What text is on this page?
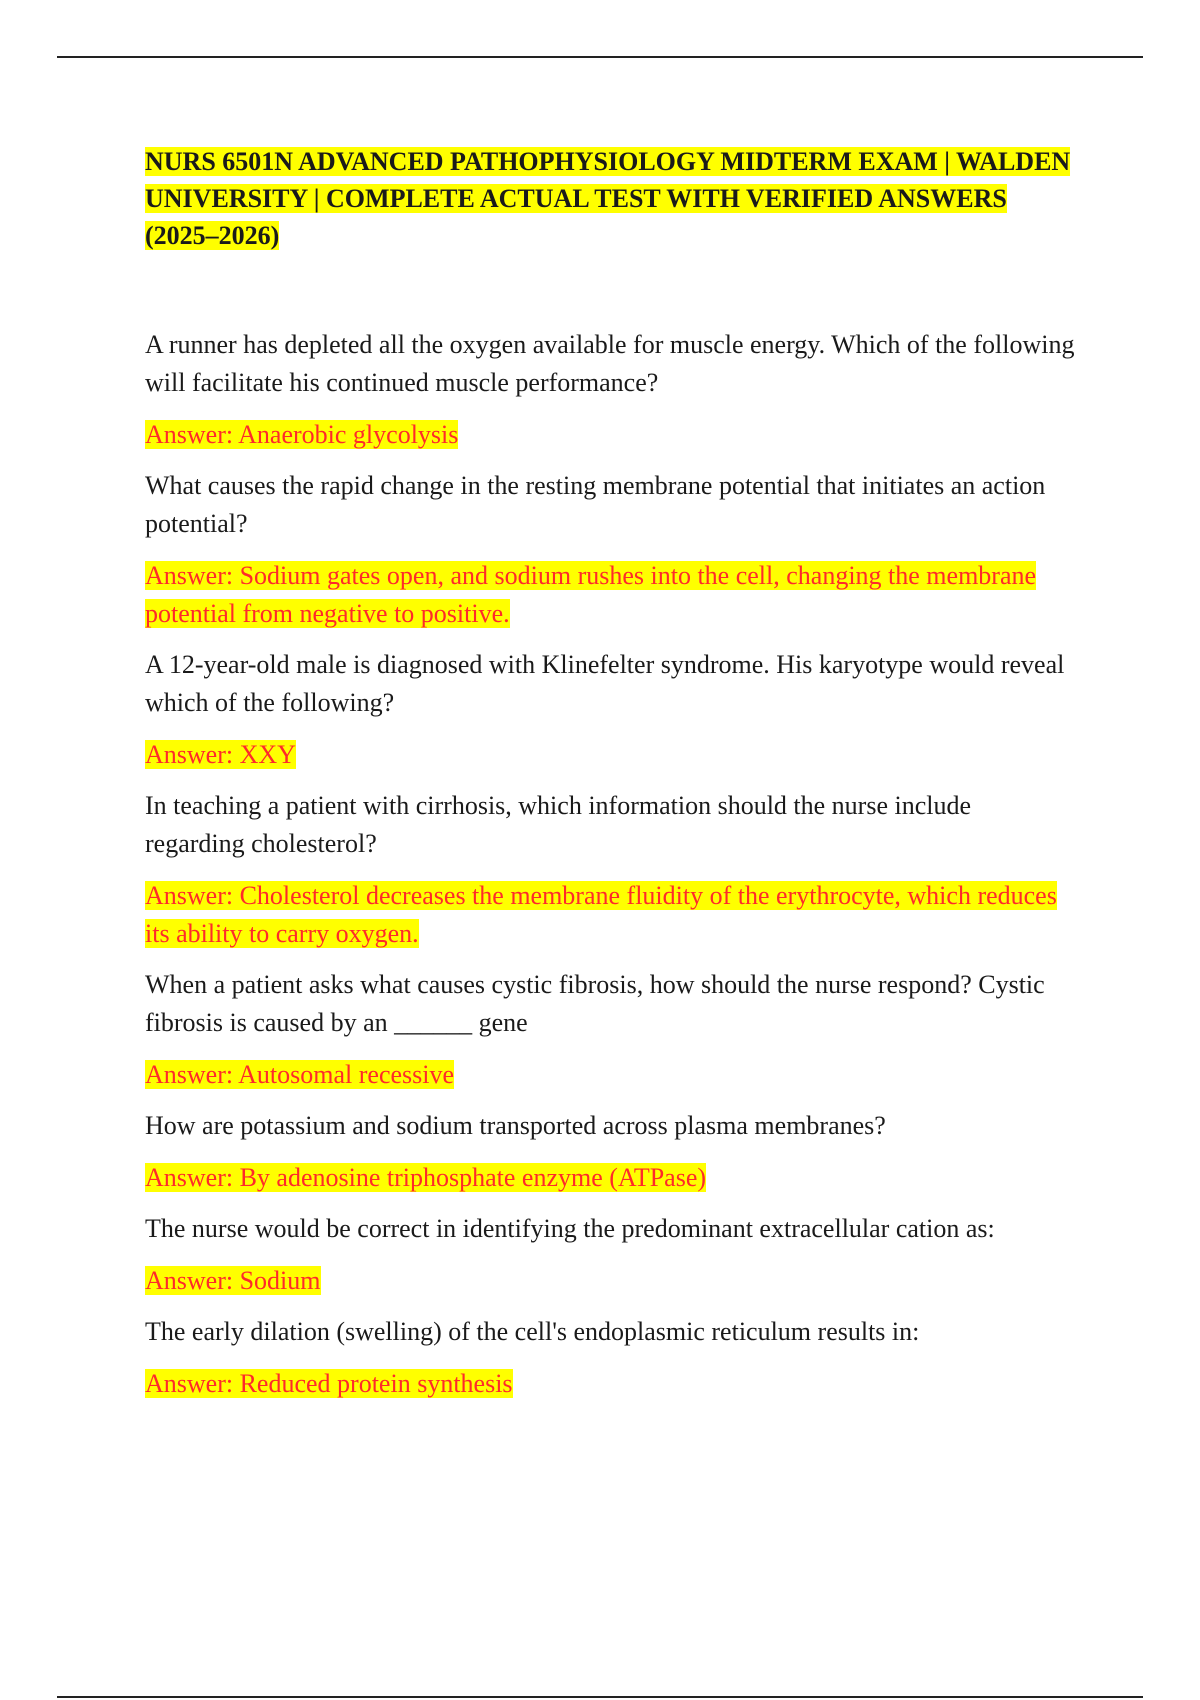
NURS 6501N ADVANCED PATHOPHYSIOLOGY MIDTERM EXAM | WALDEN UNIVERSITY | COMPLETE ACTUAL TEST WITH VERIFIED ANSWERS (2025–2026)

A runner has depleted all the oxygen available for muscle energy. Which of the following will facilitate his continued muscle performance?

Answer: Anaerobic glycolysis

What causes the rapid change in the resting membrane potential that initiates an action potential?

Answer: Sodium gates open, and sodium rushes into the cell, changing the membrane potential from negative to positive.

A 12-year-old male is diagnosed with Klinefelter syndrome. His karyotype would reveal which of the following?

Answer: XXY

In teaching a patient with cirrhosis, which information should the nurse include regarding cholesterol?

Answer: Cholesterol decreases the membrane fluidity of the erythrocyte, which reduces its ability to carry oxygen.

When a patient asks what causes cystic fibrosis, how should the nurse respond? Cystic fibrosis is caused by an ______ gene

Answer: Autosomal recessive

How are potassium and sodium transported across plasma membranes?

Answer: By adenosine triphosphate enzyme (ATPase)

The nurse would be correct in identifying the predominant extracellular cation as:

Answer: Sodium

The early dilation (swelling) of the cell's endoplasmic reticulum results in:

Answer: Reduced protein synthesis
